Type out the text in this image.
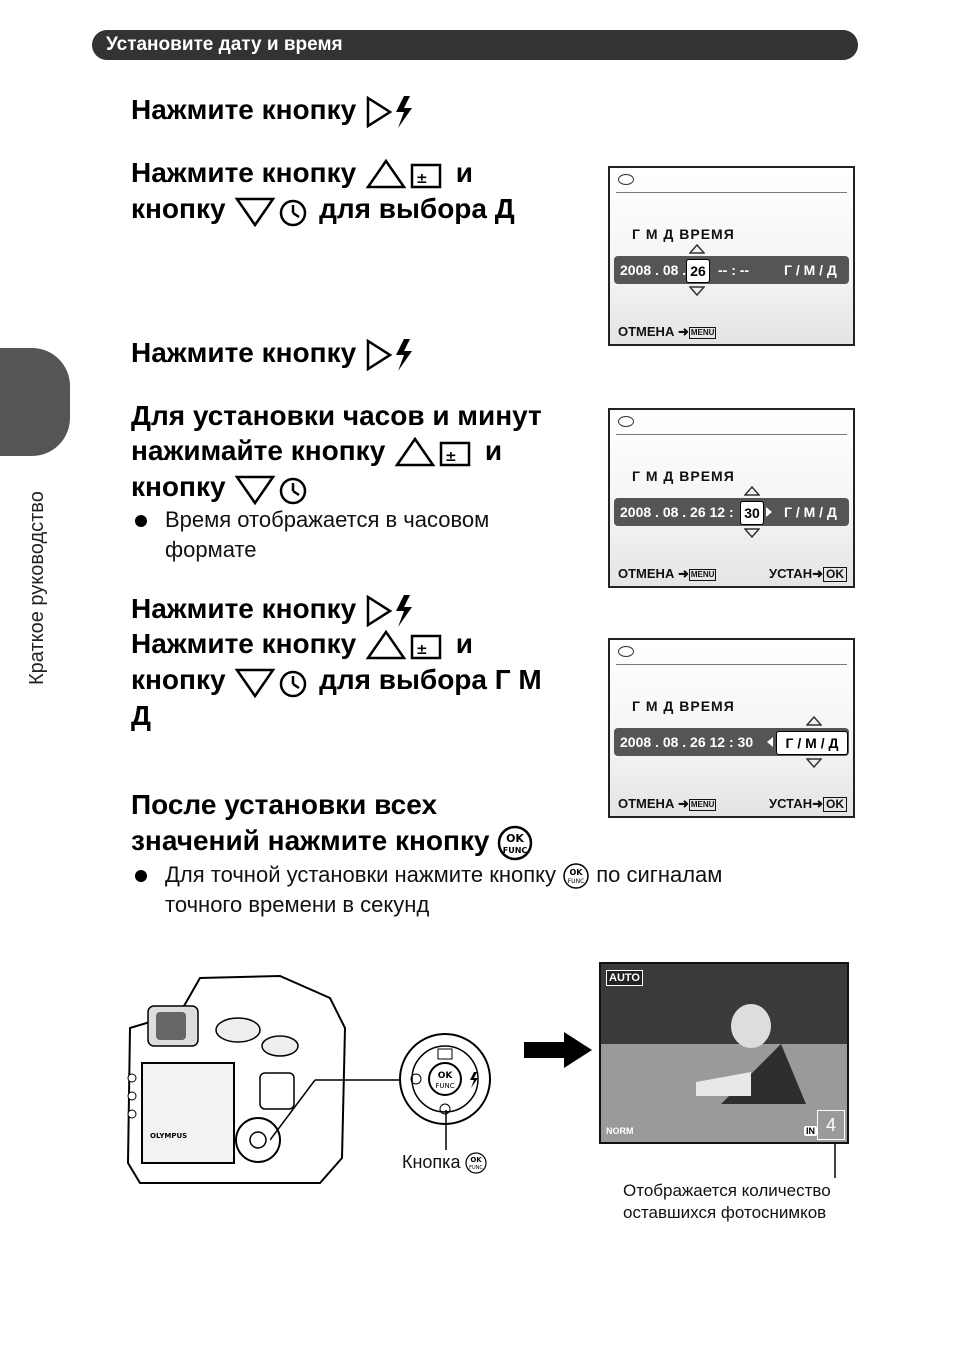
Установите дату и время
Краткое руководство
Нажмите кнопку
Нажмите кнопку	± и
кнопку	для выбора Д
Г М Д ВРЕМЯ
2008 . 08 . 26 -- : -- Г / М / Д
ОТМЕНА ➜ MENU
Нажмите кнопку
Для установки часов и минут
нажимайте кнопку	± и
кнопку
Время отображается в часовом
формате
Г М Д ВРЕМЯ
2008 . 08 . 26 12 : 30	Г / М / Д
ОТМЕНА ➜ MENU	УСТАН➜ OK
Нажмите кнопку
Нажмите кнопку	± и
кнопку	для выбора Г М
Д	Г М Д ВРЕМЯ
2008 . 08 . 26 12 : 30	Г / М / Д
ОТМЕНА ➜ MENU	УСТАН➜ OK
После установки всех
значений нажмите кнопку OK
FUNC
Для точной установки нажмите кнопку OK
FUNC по сигналам
точного времени в секунд
OLYMPUS
OK
FUNC
Кнопка OK
FUNC
AUTO
NORM	IN 4
Отображается количество
оставшихся фотоснимков
